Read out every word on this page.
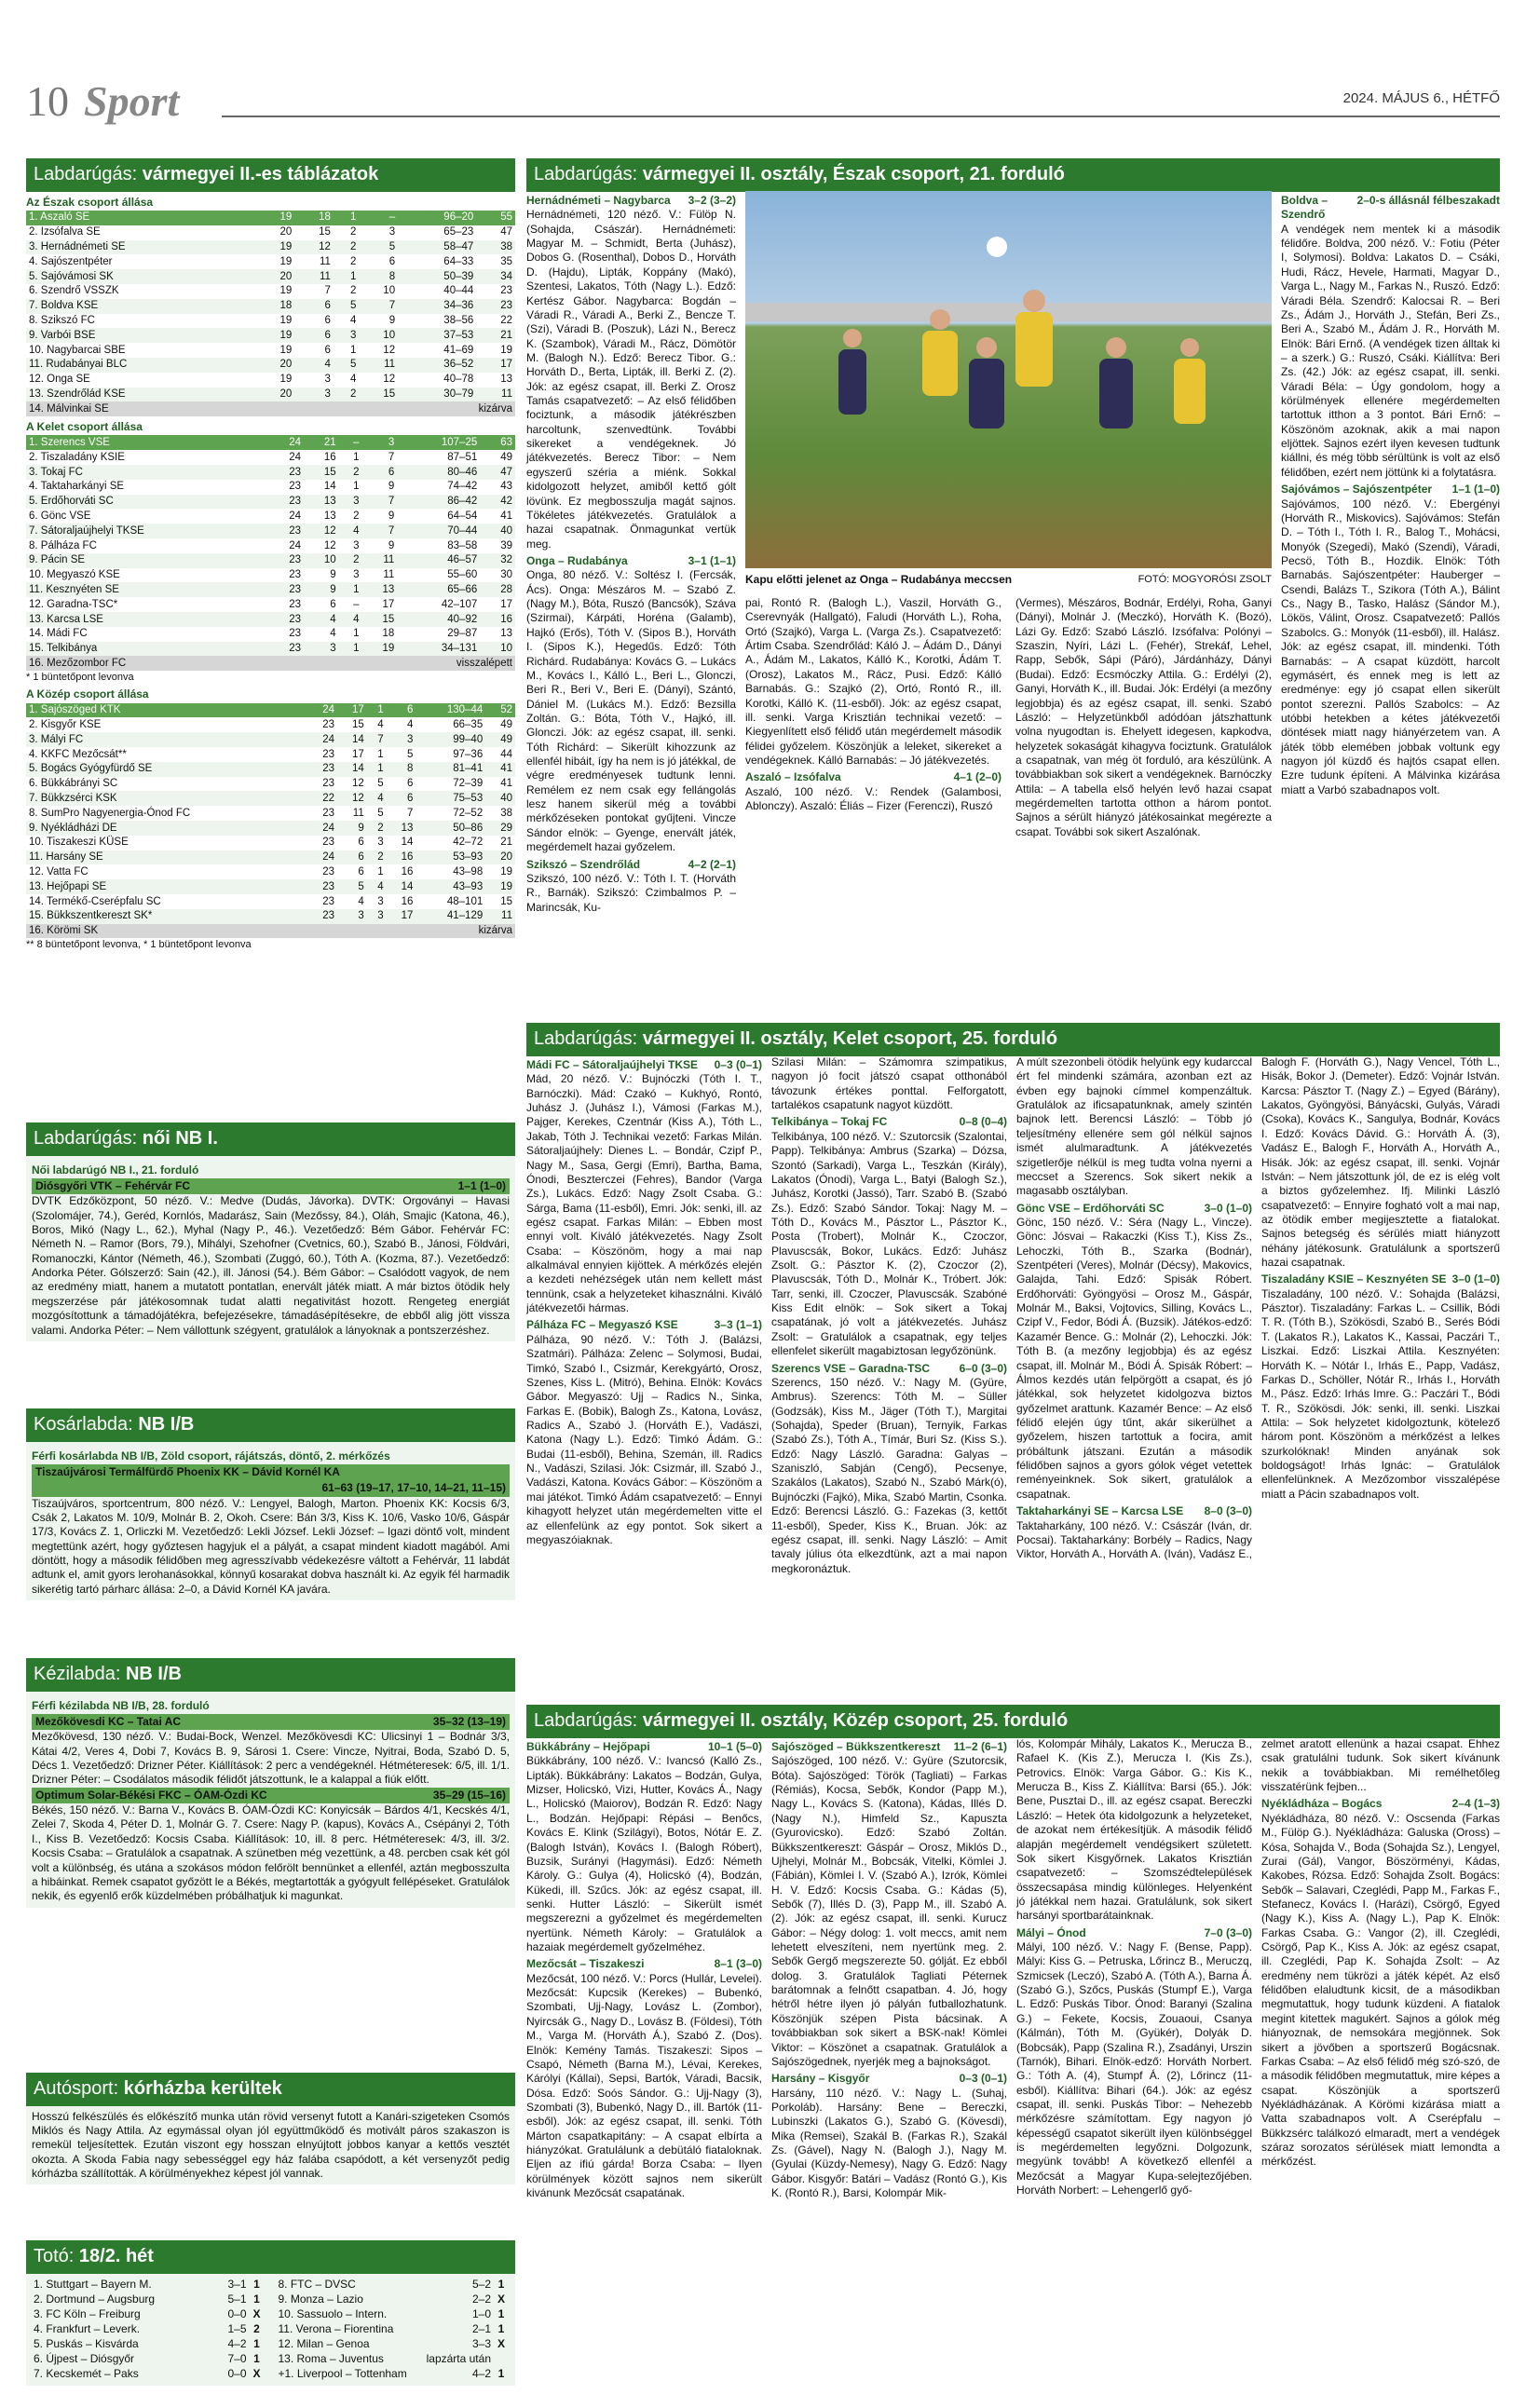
10 Sport	2024. MÁJUS 6., HÉTFŐ
Labdarúgás: vármegyei II.-es táblázatok
Az Észak csoport állása
1. Aszaló SE	19	18	1	–	96–20	55
2. Izsófalva SE	20	15	2	3	65–23	47
3. Hernádnémeti SE	19	12	2	5	58–47	38
4. Sajószentpéter	19	11	2	6	64–33	35
5. Sajóvámosi SK	20	11	1	8	50–39	34
6. Szendrő VSSZK	19	7	2	10	40–44	23
7. Boldva KSE	18	6	5	7	34–36	23
8. Szikszó FC	19	6	4	9	38–56	22
9. Varbói BSE	19	6	3	10	37–53	21
10. Nagybarcai SBE	19	6	1	12	41–69	19
11. Rudabányai BLC	20	4	5	11	36–52	17
12. Onga SE	19	3	4	12	40–78	13
13. Szendrőlád KSE	20	3	2	15	30–79	11
14. Málvinkai SE	kizárva					
A Kelet csoport állása
1. Szerencs VSE	24	21	–	3	107–25	63
2. Tiszaladány KSIE	24	16	1	7	87–51	49
3. Tokaj FC	23	15	2	6	80–46	47
4. Taktaharkányi SE	23	14	1	9	74–42	43
5. Erdőhorváti SC	23	13	3	7	86–42	42
6. Gönc VSE	24	13	2	9	64–54	41
7. Sátoraljaújhelyi TKSE	23	12	4	7	70–44	40
8. Pálháza FC	24	12	3	9	83–58	39
9. Pácin SE	23	10	2	11	46–57	32
10. Megyaszó KSE	23	9	3	11	55–60	30
11. Kesznyéten SE	23	9	1	13	65–66	28
12. Garadna-TSC*	23	6	–	17	42–107	17
13. Karcsa LSE	23	4	4	15	40–92	16
14. Mádi FC	23	4	1	18	29–87	13
15. Telkibánya	23	3	1	19	34–131	10
16. Mezőzombor FC	visszalépett					
* 1 büntetőpont levonva
A Közép csoport állása
1. Sajószöged KTK	24	17	1	6	130–44	52
2. Kisgyőr KSE	23	15	4	4	66–35	49
3. Mályi FC	24	14	7	3	99–40	49
4. KKFC Mezőcsát**	23	17	1	5	97–36	44
5. Bogács Gyógyfürdő SE	23	14	1	8	81–41	41
6. Bükkábrányi SC	23	12	5	6	72–39	41
7. Bükkzsérci KSK	22	12	4	6	75–53	40
8. SumPro Nagyenergia-Ónod FC	23	11	5	7	72–52	38
9. Nyékládházi DE	24	9	2	13	50–86	29
10. Tiszakeszi KÜSE	23	6	3	14	42–72	21
11. Harsány SE	24	6	2	16	53–93	20
12. Vatta FC	23	6	1	16	43–98	19
13. Hejőpapi SE	23	5	4	14	43–93	19
14. Termékő-Cserépfalu SC	23	4	3	16	48–101	15
15. Bükkszentkereszt SK*	23	3	3	17	41–129	11
16. Körömi SK	kizárva					
** 8 büntetőpont levonva, * 1 büntetőpont levonva
Labdarúgás: női NB I.
Női labdarúgó NB I., 21. forduló
Diósgyőri VTK – Fehérvár FC	1–1 (1–0)
DVTK Edzőközpont, 50 néző. V.: Medve (Dudás, Jávorka). DVTK: Orgoványi – Havasi (Szolomájer, 74.), Geréd, Kornlós, Madarász, Sain (Mezőssy, 84.), Oláh, Smajic (Katona, 46.), Boros, Mikó (Nagy L., 62.), Myhal (Nagy P., 46.). Vezetőedző: Bém Gábor. Fehérvár FC: Németh N. – Ramor (Bors, 79.), Mihályi, Szehofner (Cvetnics, 60.), Szabó B., Jánosi, Földvári, Romanoczki, Kántor (Németh, 46.), Szombati (Zuggó, 60.), Tóth A. (Kozma, 87.). Vezetőedző: Andorka Péter. Gólszerző: Sain (42.), ill. Jánosi (54.). Bém Gábor: – Csalódott vagyok, de nem az eredmény miatt, hanem a mutatott pontatlan, enervált játék miatt. A már biztos ötödik hely megszerzése pár játékosomnak tudat alatti negativitást hozott. Rengeteg energiát mozgósítottunk a támadójátékra, befejezésekre, támadásépítésekre, de ebből alig jött vissza valami. Andorka Péter: – Nem vállottunk szégyent, gratulálok a lányoknak a pontszerzéshez.
Kosárlabda: NB I/B
Férfi kosárlabda NB I/B, Zöld csoport, rájátszás, döntő, 2. mérkőzés
Tiszaújvárosi Termálfürdő Phoenix KK – Dávid Kornél KA
61–63 (19–17, 17–10, 14–21, 11–15)
Tiszaújváros, sportcentrum, 800 néző. V.: Lengyel, Balogh, Marton. Phoenix KK: Kocsis 6/3, Csák 2, Lakatos M. 10/9, Molnár B. 2, Okoh. Csere: Bán 3/3, Kiss K. 10/6, Vasko 10/6, Gáspár 17/3, Kovács Z. 1, Orliczki M. Vezetőedző: Lekli József. Lekli József: – Igazi döntő volt, mindent megtettünk azért, hogy győztesen hagyjuk el a pályát, a csapat mindent kiadott magából. Ami döntött, hogy a második félidőben meg agresszívabb védekezésre váltott a Fehérvár, 11 labdát adtunk el, amit gyors lerohanásokkal, könnyű kosarakat dobva használt ki. Az egyik fél harmadik sikerétig tartó párharc állása: 2–0, a Dávid Kornél KA javára.
Kézilabda: NB I/B
Férfi kézilabda NB I/B, 28. forduló
Mezőkövesdi KC – Tatai AC	35–32 (13–19)
Mezőkövesd, 130 néző. V.: Budai-Bock, Wenzel. Mezőkövesdi KC: Ulicsinyi 1 – Bodnár 3/3, Kátai 4/2, Veres 4, Dobi 7, Kovács B. 9, Sárosi 1. Csere: Vincze, Nyitrai, Boda, Szabó D. 5, Décs 1. Vezetőedző: Drizner Péter. Kiállítások: 2 perc a vendégeknél. Hétméteresek: 6/5, ill. 1/1. Drizner Péter: – Csodálatos második félidőt játszottunk, le a kalappal a fiúk előtt.
Optimum Solar-Békési FKC – ÓAM-Ózdi KC	35–29 (15–16)
Békés, 150 néző. V.: Barna V., Kovács B. ÓAM-Ózdi KC: Konyicsák – Bárdos 4/1, Kecskés 4/1, Zelei 7, Skoda 4, Péter D. 1, Molnár G. 7. Csere: Nagy P. (kapus), Kovács A., Csépányi 2, Tóth I., Kiss B. Vezetőedző: Kocsis Csaba. Kiállítások: 10, ill. 8 perc. Hétméteresek: 4/3, ill. 3/2. Kocsis Csaba: – Gratulálok a csapatnak. A szünetben még vezettünk, a 48. percben csak két gól volt a különbség, és utána a szokásos módon felőrölt bennünket a ellenfél, aztán megbosszulta a hibáinkat. Remek csapatot győzött le a Békés, megtartották a gyógyult fellépéseket. Gratulálok nekik, és egyenlő erők küzdelmében próbálhatjuk ki magunkat.
Autósport: kórházba kerültek
Hosszú felkészülés és előkészítő munka után rövid versenyt futott a Kanári-szigeteken Csomós Miklós és Nagy Attila. Az egymással olyan jól együttműködő és motivált páros szakaszon is remekül teljesítettek. Ezután viszont egy hosszan elnyújtott jobbos kanyar a kettős vesztét okozta. A Skoda Fabia nagy sebességgel egy ház falába csapódott, a két versenyzőt pedig kórházba szállították. A körülményekhez képest jól vannak.
Totó: 18/2. hét
1. Stuttgart – Bayern M.	3–1	1
2. Dortmund – Augsburg	5–1	1
3. FC Köln – Freiburg	0–0	X
4. Frankfurt – Leverk.	1–5	2
5. Puskás – Kisvárda	4–2	1
6. Újpest – Diósgyőr	7–0	1
7. Kecskemét – Paks	0–0	X
8. FTC – DVSC	5–2	1
9. Monza – Lazio	2–2	X
10. Sassuolo – Intern.	1–0	1
11. Verona – Fiorentina	2–1	1
12. Milan – Genoa	3–3	X
13. Roma – Juventus	lapzárta után	
+1. Liverpool – Tottenham	4–2	1
Labdarúgás: vármegyei II. osztály, Észak csoport, 21. forduló
3–2 (3–2)
Hernádnémeti – Nagybarca
Hernádnémeti, 120 néző. V.: Fülöp N. (Sohajda, Császár). Hernádnémeti: Magyar M. – Schmidt, Berta (Juhász), Dobos G. (Rosenthal), Dobos D., Horváth D. (Hajdu), Lipták, Koppány (Makó), Szentesi, Lakatos, Tóth (Nagy L.). Edző: Kertész Gábor. Nagybarca: Bogdán – Váradi R., Váradi A., Berki Z., Bencze T. (Szi), Váradi B. (Poszuk), Lázi N., Berecz K. (Szambok), Váradi M., Rácz, Dömötör M. (Balogh N.). Edző: Berecz Tibor. G.: Horváth D., Berta, Lipták, ill. Berki Z. (2). Jók: az egész csapat, ill. Berki Z. Orosz Tamás csapatvezető: – Az első félidőben fociztunk, a második játékrészben harcoltunk, szenvedtünk. További sikereket a vendégeknek. Jó játékvezetés. Berecz Tibor: – Nem egyszerű széria a miénk. Sokkal kidolgozott helyzet, amiből kettő gólt lövünk. Ez megbosszulja magát sajnos. Tökéletes játékvezetés. Gratulálok a hazai csapatnak. Önmagunkat vertük meg.
3–1 (1–1)
Onga – Rudabánya
Onga, 80 néző. V.: Soltész I. (Fercsák, Ács). Onga: Mészáros M. – Szabó Z. (Nagy M.), Bóta, Ruszó (Bancsók), Száva (Szirmai), Kárpáti, Horéna (Galamb), Hajkó (Erős), Tóth V. (Sipos B.), Horváth I. (Sipos K.), Hegedűs. Edző: Tóth Richárd. Rudabánya: Kovács G. – Lukács M., Kovács I., Kálló L., Beri L., Glonczi, Beri R., Beri V., Beri E. (Dányi), Szántó, Dániel M. (Lukács M.). Edző: Bezsilla Zoltán. G.: Bóta, Tóth V., Hajkó, ill. Glonczi. Jók: az egész csapat, ill. senki. Tóth Richárd: – Sikerült kihozzunk az ellenfél hibáit, így ha nem is jó játékkal, de végre eredményesek tudtunk lenni. Remélem ez nem csak egy fellángolás lesz hanem sikerül még a további mérkőzéseken pontokat gyűjteni. Vincze Sándor elnök: – Gyenge, enervált játék, megérdemelt hazai győzelem.
4–2 (2–1)
Szikszó – Szendrőlád
Szikszó, 100 néző. V.: Tóth I. T. (Horváth R., Barnák). Szikszó: Czimbalmos P. – Marincsák, Ku-
FOTÓ: MOGYORÓSI ZSOLT
Kapu előtti jelenet az Onga – Rudabánya meccsen
pai, Rontó R. (Balogh L.), Vaszil, Horváth G., Cserevnyák (Hallgató), Faludi (Horváth L.), Roha, Ortó (Szajkó), Varga L. (Varga Zs.). Csapatvezető: Ártim Csaba. Szendrőlád: Káló J. – Ádám D., Dányi A., Ádám M., Lakatos, Kálló K., Korotki, Ádám T. (Orosz), Lakatos M., Rácz, Pusi. Edző: Kálló Barnabás. G.: Szajkó (2), Ortó, Rontó R., ill. Korotki, Kálló K. (11-esből). Jók: az egész csapat, ill. senki. Varga Krisztián technikai vezető: – Kiegyenlített első félidő után megérdemelt második félidei győzelem. Köszönjük a leleket, sikereket a vendégeknek. Kálló Barnabás: – Jó játékvezetés.
4–1 (2–0)
Aszaló – Izsófalva
Aszaló, 100 néző. V.: Rendek (Galambosi, Ablonczy). Aszaló: Éliás – Fizer (Ferenczi), Ruszó
(Vermes), Mészáros, Bodnár, Erdélyi, Roha, Ganyi (Dányi), Molnár J. (Meczkó), Horváth K. (Bozó), Lázi Gy. Edző: Szabó László. Izsófalva: Polónyi – Szaszin, Nyíri, Lázi L. (Fehér), Strekáf, Lehel, Rapp, Sebők, Sápi (Páró), Járdánházy, Dányi (Budai). Edző: Ecsmóczky Attila. G.: Erdélyi (2), Ganyi, Horváth K., ill. Budai. Jók: Erdélyi (a mezőny legjobbja) és az egész csapat, ill. senki. Szabó László: – Helyzetünkből adódóan játszhattunk volna nyugodtan is. Ehelyett idegesen, kapkodva, helyzetek sokaságát kihagyva fociztunk. Gratulálok a csapatnak, van még öt forduló, ara készülünk. A továbbiakban sok sikert a vendégeknek. Barnóczky Attila: – A tabella első helyén levő hazai csapat megérdemelten tartotta otthon a három pontot. Sajnos a sérült hiányzó játékosainkat megérezte a csapat. További sok sikert Aszalónak.
2–0-s állásnál félbeszakadt
Boldva – Szendrő
A vendégek nem mentek ki a második félidőre. Boldva, 200 néző. V.: Fotiu (Péter I, Solymosi). Boldva: Lakatos D. – Csáki, Hudi, Rácz, Hevele, Harmati, Magyar D., Varga L., Nagy M., Farkas N., Ruszó. Edző: Váradi Béla. Szendrő: Kalocsai R. – Beri Zs., Ádám J., Horváth J., Stefán, Beri Zs., Beri A., Szabó M., Ádám J. R., Horváth M. Elnök: Bári Ernő. (A vendégek tizen álltak ki – a szerk.) G.: Ruszó, Csáki. Kiállítva: Beri Zs. (42.) Jók: az egész csapat, ill. senki. Váradi Béla: – Úgy gondolom, hogy a körülmények ellenére megérdemelten tartottuk itthon a 3 pontot. Bári Ernő: – Köszönöm azoknak, akik a mai napon eljöttek. Sajnos ezért ilyen kevesen tudtunk kiállni, és még több sérültünk is volt az első félidőben, ezért nem jöttünk ki a folytatásra.
1–1 (1–0)
Sajóvámos – Sajószentpéter
Sajóvámos, 100 néző. V.: Ebergényi (Horváth R., Miskovics). Sajóvámos: Stefán D. – Tóth I., Tóth I. R., Balog T., Mohácsi, Monyók (Szegedi), Makó (Szendi), Váradi, Pecsö, Tóth B., Hozdik. Elnök: Tóth Barnabás. Sajószentpéter: Hauberger – Csendi, Balázs T., Szikora (Tóth A.), Bálint Cs., Nagy B., Tasko, Halász (Sándor M.), Lökös, Válint, Orosz. Csapatvezető: Pallós Szabolcs. G.: Monyók (11-esből), ill. Halász. Jók: az egész csapat, ill. mindenki. Tóth Barnabás: – A csapat küzdött, harcolt egymásért, és ennek meg is lett az eredménye: egy jó csapat ellen sikerült pontot szerezni. Pallós Szabolcs: – Az utóbbi hetekben a kétes játékvezetői döntések miatt nagy hiányérzetem van. A játék több elemében jobbak voltunk egy nagyon jól küzdő és hajtós csapat ellen. Ezre tudunk építeni. A Málvinka kizárása miatt a Varbó szabadnapos volt.
Labdarúgás: vármegyei II. osztály, Kelet csoport, 25. forduló
0–3 (0–1)
Mádi FC – Sátoraljaújhelyi TKSE
Mád, 20 néző. V.: Bujnóczki (Tóth I. T., Barnóczki). Mád: Czakó – Kukhyó, Rontó, Juhász J. (Juhász I.), Vámosi (Farkas M.), Pajger, Kerekes, Czentnár (Kiss A.), Tóth L., Jakab, Tóth J. Technikai vezető: Farkas Milán. Sátoraljaújhely: Dienes L. – Bondár, Czipf P., Nagy M., Sasa, Gergi (Emri), Bartha, Bama, Ónodi, Beszterczei (Fehres), Bandor (Varga Zs.), Lukács. Edző: Nagy Zsolt Csaba. G.: Sárga, Bama (11-esből), Emri. Jók: senki, ill. az egész csapat. Farkas Milán: – Ebben most ennyi volt. Kiváló játékvezetés. Nagy Zsolt Csaba: – Köszönöm, hogy a mai nap alkalmával ennyien kijöttek. A mérkőzés elején a kezdeti nehézségek után nem kellett mást tennünk, csak a helyzeteket kihasználni. Kiváló játékvezetői hármas.
3–3 (1–1)
Pálháza FC – Megyaszó KSE
Pálháza, 90 néző. V.: Tóth J. (Balázsi, Szatmári). Pálháza: Zelenc – Solymosi, Budai, Timkó, Szabó I., Csizmár, Kerekgyártó, Orosz, Szenes, Kiss L. (Mitró), Behina. Elnök: Kovács Gábor. Megyaszó: Ujj – Radics N., Sinka, Farkas E. (Bobik), Balogh Zs., Katona, Lovász, Radics A., Szabó J. (Horváth E.), Vadászi, Katona (Nagy L.). Edző: Timkó Ádám. G.: Budai (11-esből), Behina, Szemán, ill. Radics N., Vadászi, Szilasi. Jók: Csizmár, ill. Szabó J., Vadászi, Katona. Kovács Gábor: – Köszönöm a mai játékot. Timkó Ádám csapatvezető: – Ennyi kihagyott helyzet után megérdemelten vitte el az ellenfelünk az egy pontot. Sok sikert a megyaszóiaknak.
Szilasi Milán: – Számomra szimpatikus, nagyon jó focit játszó csapat otthonából távozunk értékes ponttal. Felforgatott, tartalékos csapatunk nagyot küzdött.
0–8 (0–4)
Telkibánya – Tokaj FC
Telkibánya, 100 néző. V.: Szutorcsik (Szalontai, Papp). Telkibánya: Ambrus (Szarka) – Dózsa, Szontó (Sarkadi), Varga L., Teszkán (Király), Lakatos (Ónodi), Varga L., Batyi (Balogh Sz.), Juhász, Korotki (Jassó), Tarr. Szabó B. (Szabó Zs.). Edző: Szabó Sándor. Tokaj: Nagy M. – Tóth D., Kovács M., Pásztor L., Pásztor K., Posta (Trobert), Molnár K., Czoczor, Plavuscsák, Bokor, Lukács. Edző: Juhász Zsolt. G.: Pásztor K. (2), Czoczor (2), Plavuscsák, Tóth D., Molnár K., Tróbert. Jók: Tarr, senki, ill. Czoczer, Plavuscsák. Szabóné Kiss Edit elnök: – Sok sikert a Tokaj csapatának, jó volt a játékvezetés. Juhász Zsolt: – Gratulálok a csapatnak, egy teljes ellenfelet sikerült magabiztosan legyőzönünk.
6–0 (3–0)
Szerencs VSE – Garadna-TSC
Szerencs, 150 néző. V.: Nagy M. (Gyüre, Ambrus). Szerencs: Tóth M. – Süller (Godzsák), Kiss M., Jäger (Tóth T.), Margitai (Sohajda), Speder (Bruan), Ternyik, Farkas (Szabó Zs.), Tóth A., Tímár, Buri Sz. (Kiss S.). Edző: Nagy László. Garadna: Galyas – Szaniszló, Sabján (Cengő), Pecsenye, Szakálos (Lakatos), Szabó N., Szabó Márk(ó), Bujnóczki (Fajkó), Mika, Szabó Martin, Csonka. Edző: Berencsi László. G.: Fazekas (3, kettőt 11-esből), Speder, Kiss K., Bruan. Jók: az egész csapat, ill. senki. Nagy László: – Amit tavaly július óta elkezdtünk, azt a mai napon megkoronáztuk.
A múlt szezonbeli ötödik helyünk egy kudarccal ért fel mindenki számára, azonban ezt az évben egy bajnoki címmel kompenzáltuk. Gratulálok az ificsapatunknak, amely szintén bajnok lett. Berencsi László: – Több jó teljesítmény ellenére sem gól nélkül sajnos ismét alulmaradtunk. A játékvezetés szigetlerője nélkül is meg tudta volna nyerni a meccset a Szerencs. Sok sikert nekik a magasabb osztályban.
3–0 (1–0)
Gönc VSE – Erdőhorváti SC
Gönc, 150 néző. V.: Séra (Nagy L., Vincze). Gönc: Jósvai – Rakaczki (Kiss T.), Kiss Zs., Lehoczki, Tóth B., Szarka (Bodnár), Szentpéteri (Veres), Molnár (Décsy), Makovics, Galajda, Tahi. Edző: Spisák Róbert. Erdőhorváti: Gyöngyösi – Orosz M., Gáspár, Molnár M., Baksi, Vojtovics, Silling, Kovács L., Czipf V., Fedor, Bódi Á. (Buzsik). Játékos-edző: Kazamér Bence. G.: Molnár (2), Lehoczki. Jók: Tóth B. (a mezőny legjobbja) és az egész csapat, ill. Molnár M., Bódi Á. Spisák Róbert: – Álmos kezdés után felpörgött a csapat, és jó játékkal, sok helyzetet kidolgozva biztos győzelmet arattunk. Kazamér Bence: – Az első félidő elején úgy tűnt, akár sikerülhet a győzelem, hiszen tartottuk a focira, amit próbáltunk játszani. Ezután a második félidőben sajnos a gyors gólok véget vetettek reményeinknek. Sok sikert, gratulálok a csapatnak.
8–0 (3–0)
Taktaharkányi SE – Karcsa LSE
Taktaharkány, 100 néző. V.: Császár (Iván, dr. Pocsai). Taktaharkány: Borbély – Radics, Nagy Viktor, Horváth A., Horváth A. (Iván), Vadász E.,
Balogh F. (Horváth G.), Nagy Vencel, Tóth L., Hisák, Bokor J. (Demeter). Edző: Vojnár István. Karcsa: Pásztor T. (Nagy Z.) – Egyed (Bárány), Lakatos, Gyöngyösi, Bányácski, Gulyás, Váradi (Csoka), Kovács K., Sangulya, Bodnár, Kovács I. Edző: Kovács Dávid. G.: Horváth Á. (3), Vadász E., Balogh F., Horváth A., Horváth A., Hisák. Jók: az egész csapat, ill. senki. Vojnár István: – Nem játszottunk jól, de ez is elég volt a biztos győzelemhez. Ifj. Milinki László csapatvezető: – Ennyire fogható volt a mai nap, az ötödik ember megijesztette a fiatalokat. Sajnos betegség és sérülés miatt hiányzott néhány játékosunk. Gratulálunk a sportszerű hazai csapatnak.
3–0 (1–0)
Tiszaladány KSIE – Kesznyéten SE
Tiszaladány, 100 néző. V.: Sohajda (Balázsi, Pásztor). Tiszaladány: Farkas L. – Csillik, Bódi T. R. (Tóth B.), Szökösdi, Szabó B., Serés Bódi T. (Lakatos R.), Lakatos K., Kassai, Paczári T., Liszkai. Edző: Liszkai Attila. Kesznyéten: Horváth K. – Nótár I., Irhás E., Papp, Vadász, Farkas D., Schöller, Nótár R., Irhás I., Horváth M., Pász. Edző: Irhás Imre. G.: Paczári T., Bódi T. R., Szökösdi. Jók: senki, ill. senki. Liszkai Attila: – Sok helyzetet kidolgoztunk, kötelező három pont. Köszönöm a mérkőzést a lelkes szurkolóknak! Minden anyának sok boldogságot! Irhás Ignác: – Gratulálok ellenfelünknek. A Mezőzombor visszalépése miatt a Pácin szabadnapos volt.
Labdarúgás: vármegyei II. osztály, Közép csoport, 25. forduló
10–1 (5–0)
Bükkábrány – Hejőpapi
Bükkábrány, 100 néző. V.: Ivancsó (Kalló Zs., Lipták). Bükkábrány: Lakatos – Bodzán, Gulya, Mizser, Holicskó, Vizi, Hutter, Kovács Á., Nagy L., Holicskó (Maiorov), Bodzán R. Edző: Nagy L., Bodzán. Hejőpapi: Répási – Benőcs, Kovács E. Klink (Szilágyi), Botos, Nótár E. Z. (Balogh István), Kovács I. (Balogh Róbert), Buzsik, Surányi (Hagymási). Edző: Németh Károly. G.: Gulya (4), Holicskó (4), Bodzán, Kükedi, ill. Szűcs. Jók: az egész csapat, ill. senki. Hutter László: – Sikerült ismét megszerezni a győzelmet és megérdemelten nyertünk. Németh Károly: – Gratulálok a hazaiak megérdemelt győzelméhez.
8–1 (3–0)
Mezőcsát – Tiszakeszi
Mezőcsát, 100 néző. V.: Porcs (Hullár, Levelei). Mezőcsát: Kupcsik (Kerekes) – Bubenkó, Szombati, Ujj-Nagy, Lovász L. (Zombor), Nyircsák G., Nagy D., Lovász B. (Földesi), Tóth M., Varga M. (Horváth Á.), Szabó Z. (Dos). Elnök: Kemény Tamás. Tiszakeszi: Sipos – Csapó, Németh (Barna M.), Lévai, Kerekes, Kárólyi (Kállai), Sepsi, Bartók, Váradi, Bacsik, Dósa. Edző: Soós Sándor. G.: Ujj-Nagy (3), Szombati (3), Bubenkó, Nagy D., ill. Bartók (11-esből). Jók: az egész csapat, ill. senki. Tóth Márton csapatkapitány: – A csapat elbírta a hiányzókat. Gratulálunk a debütáló fiataloknak. Eljen az ifiú gárda! Borza Csaba: – Ilyen körülmények között sajnos nem sikerült kivánunk Mezőcsát csapatának.
11–2 (6–1)
Sajószöged – Bükkszentkereszt
Sajószöged, 100 néző. V.: Gyüre (Szutorcsik, Bóta). Sajószöged: Török (Tagliati) – Farkas (Rémiás), Kocsa, Sebők, Kondor (Papp M.), Nagy L., Kovács S. (Katona), Kádas, Illés D. (Nagy N.), Himfeld Sz., Kapuszta (Gyurovicsko). Edző: Szabó Zoltán. Bükkszentkereszt: Gáspár – Orosz, Miklós D., Ujhelyi, Molnár M., Bobcsák, Vitelki, Kömlei J. (Fábián), Kömlei I. V. (Szabó A.), Izrók, Kömlei H. V. Edző: Kocsis Csaba. G.: Kádas (5), Sebők (7), Illés D. (3), Papp M., ill. Szabó A. (2). Jók: az egész csapat, ill. senki. Kurucz Gábor: – Négy dolog: 1. volt meccs, amit nem lehetett elveszíteni, nem nyertünk meg. 2. Sebők Gergő megszerezte 50. gólját. Ez ebből dolog. 3. Gratulálok Tagliati Péternek barátomnak a felnőtt csapatban. 4. Jó, hogy hétről hétre ilyen jó pályán futballozhatunk. Köszönjük szépen Pista bácsinak. A továbbiakban sok sikert a BSK-nak! Kömlei Viktor: – Köszönet a csapatnak. Gratulálok a Sajószögednek, nyerjék meg a bajnokságot.
0–3 (0–1)
Harsány – Kisgyőr
Harsány, 110 néző. V.: Nagy L. (Suhaj, Porkoláb). Harsány: Bene – Bereczki, Lubinszki (Lakatos G.), Szabó G. (Kövesdi), Mika (Remsei), Szakál B. (Farkas R.), Szakál Zs. (Gável), Nagy N. (Balogh J.), Nagy M. (Gyulai (Küzdy-Nemesy), Nagy G. Edző: Nagy Gábor. Kisgyőr: Batári – Vadász (Rontó G.), Kis K. (Rontó R.), Barsi, Kolompár Mik-
lós, Kolompár Mihály, Lakatos K., Merucza B., Rafael K. (Kis Z.), Merucza I. (Kis Zs.), Petrovics. Elnök: Varga Gábor. G.: Kis K., Merucza B., Kiss Z. Kiállítva: Barsi (65.). Jók: Bene, Pusztai D., ill. az egész csapat. Bereczki László: – Hetek óta kidolgozunk a helyzeteket, de azokat nem értékesítjük. A második félidő alapján megérdemelt vendégsikert született. Sok sikert Kisgyőrnek. Lakatos Krisztián csapatvezető: – Szomszédtelepülések összecsapása mindig különleges. Helyenként jó játékkal nem hazai. Gratulálunk, sok sikert harsányi sportbarátainknak.
7–0 (3–0)
Mályi – Ónod
Mályi, 100 néző. V.: Nagy F. (Bense, Papp). Mályi: Kiss G. – Petruska, Lőrincz B., Meruczq, Szmicsek (Leczó), Szabó A. (Tóth A.), Barna Á. (Szabó G.), Szőcs, Puskás (Stumpf E.), Varga L. Edző: Puskás Tibor. Ónod: Baranyi (Szalina G.) – Fekete, Kocsis, Zouaoui, Csanya (Kálmán), Tóth M. (Gyükér), Dolyák D. (Bobcsák), Papp (Szalina R.), Zsadányi, Urszin (Tarnók), Bihari. Elnök-edző: Horváth Norbert. G.: Tóth A. (4), Stumpf Á. (2), Lőrincz (11-esből). Kiállítva: Bihari (64.). Jók: az egész csapat, ill. senki. Puskás Tibor: – Nehezebb mérkőzésre számítottam. Egy nagyon jó képességű csapatot sikerült ilyen különbséggel is megérdemelten legyőzni. Dolgozunk, megyünk tovább! A következő ellenfél a Mezőcsát a Magyar Kupa-selejtezőjében. Horváth Norbert: – Lehengerlő győ-
zelmet aratott ellenünk a hazai csapat. Ehhez csak gratulálni tudunk. Sok sikert kívánunk nekik a továbbiakban. Mi remélhetőleg visszatérünk fejben...
2–4 (1–3)
Nyékládháza – Bogács
Nyékládháza, 80 néző. V.: Oscsenda (Farkas M., Fülöp G.). Nyékládháza: Galuska (Oross) – Kósa, Sohajda V., Boda (Sohajda Sz.), Lengyel, Zurai (Gál), Vangor, Böszörményi, Kádas, Kakobes, Rózsa. Edző: Sohajda Zsolt. Bogács: Sebők – Salavari, Czeglédi, Papp M., Farkas F., Stefanecz, Kovács I. (Harázi), Csörgő, Egyed (Nagy K.), Kiss A. (Nagy L.), Pap K. Elnök: Farkas Csaba. G.: Vangor (2), ill. Czeglédi, Csörgő, Pap K., Kiss A. Jók: az egész csapat, ill. Czeglédi, Pap K. Sohajda Zsolt: – Az eredmény nem tükrözi a játék képét. Az első félidőben elaludtunk kicsit, de a másodikban megmutattuk, hogy tudunk küzdeni. A fiatalok megint kitettek magukért. Sajnos a gólok még hiányoznak, de nemsokára megjönnek. Sok sikert a jövőben a sportszerű Bogácsnak. Farkas Csaba: – Az első félidő még szó-szó, de a második félidőben megmutattuk, mire képes a csapat. Köszönjük a sportszerű Nyékládházának. A Körömi kizárása miatt a Vatta szabadnapos volt. A Cserépfalu – Bükkzsérc találkozó elmaradt, mert a vendégek száraz sorozatos sérülések miatt lemondta a mérkőzést.
